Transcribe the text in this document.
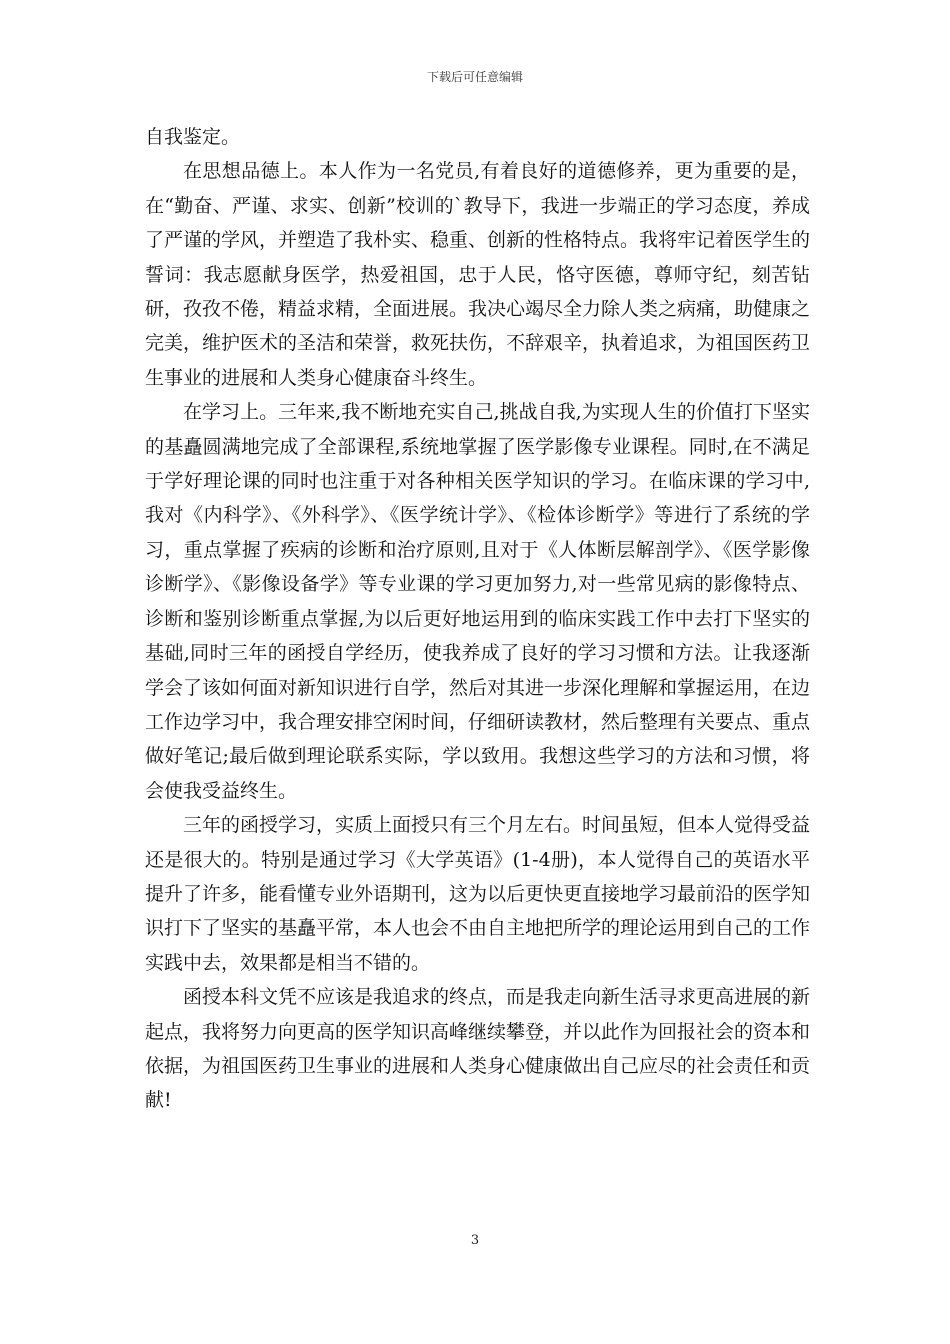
下载后可任意编辑

自我鉴定。

在思想品德上。本人作为一名党员,有着良好的道德修养，更为重要的是，在“勤奋、严谨、求实、创新”校训的`教导下，我进一步端正的学习态度，养成了严谨的学风，并塑造了我朴实、稳重、创新的性格特点。我将牢记着医学生的誓词：我志愿献身医学，热爱祖国，忠于人民，恪守医德，尊师守纪，刻苦钻研，孜孜不倦，精益求精，全面进展。我决心竭尽全力除人类之病痛，助健康之完美，维护医术的圣洁和荣誉，救死扶伤，不辞艰辛，执着追求，为祖国医药卫生事业的进展和人类身心健康奋斗终生。

在学习上。三年来,我不断地充实自己,挑战自我,为实现人生的价值打下坚实的基矗圆满地完成了全部课程,系统地掌握了医学影像专业课程。同时,在不满足于学好理论课的同时也注重于对各种相关医学知识的学习。在临床课的学习中,我对《内科学》、《外科学》、《医学统计学》、《检体诊断学》等进行了系统的学习，重点掌握了疾病的诊断和治疗原则,且对于《人体断层解剖学》、《医学影像诊断学》、《影像设备学》等专业课的学习更加努力,对一些常见病的影像特点、诊断和鉴别诊断重点掌握,为以后更好地运用到的临床实践工作中去打下坚实的基础,同时三年的函授自学经历，使我养成了良好的学习习惯和方法。让我逐渐学会了该如何面对新知识进行自学，然后对其进一步深化理解和掌握运用，在边工作边学习中，我合理安排空闲时间，仔细研读教材，然后整理有关要点、重点做好笔记;最后做到理论联系实际，学以致用。我想这些学习的方法和习惯，将会使我受益终生。

三年的函授学习，实质上面授只有三个月左右。时间虽短，但本人觉得受益还是很大的。特别是通过学习《大学英语》(1-4册)，本人觉得自己的英语水平提升了许多，能看懂专业外语期刊，这为以后更快更直接地学习最前沿的医学知识打下了坚实的基矗平常，本人也会不由自主地把所学的理论运用到自己的工作实践中去，效果都是相当不错的。

函授本科文凭不应该是我追求的终点，而是我走向新生活寻求更高进展的新起点，我将努力向更高的医学知识高峰继续攀登，并以此作为回报社会的资本和依据，为祖国医药卫生事业的进展和人类身心健康做出自己应尽的社会责任和贡献!

3
